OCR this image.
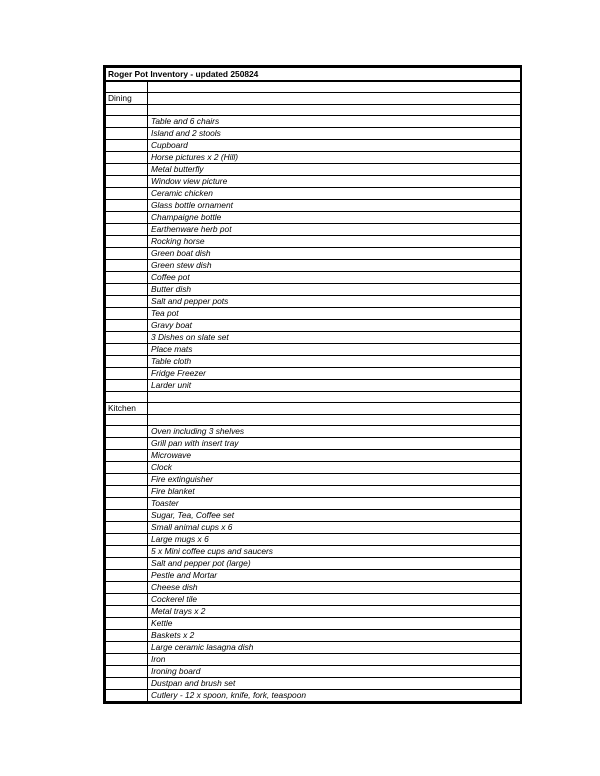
Roger Pot Inventory - updated 250824	

Dining	

	Table and 6 chairs
	Island and 2 stools
	Cupboard
	Horse pictures x 2 (Hill)
	Metal butterfly
	Window view picture
	Ceramic chicken
	Glass bottle ornament
	Champaigne bottle
	Earthenware herb pot
	Rocking horse
	Green boat dish
	Green stew dish
	Coffee pot
	Butter dish
	Salt and pepper pots
	Tea pot
	Gravy boat
	3 Dishes on slate set
	Place mats
	Table cloth
	Fridge Freezer
	Larder unit

Kitchen	

	Oven including 3 shelves
	Grill pan with insert tray
	Microwave
	Clock
	Fire extinguisher
	Fire blanket
	Toaster
	Sugar, Tea, Coffee set
	Small animal cups x 6
	Large mugs x 6
	5 x Mini coffee cups and saucers
	Salt and pepper pot (large)
	Pestle and Mortar
	Cheese dish
	Cockerel tile
	Metal trays x 2
	Kettle
	Baskets x 2
	Large ceramic lasagna dish
	Iron
	Ironing board
	Dustpan and brush set
	Cutlery - 12 x spoon, knife, fork, teaspoon
